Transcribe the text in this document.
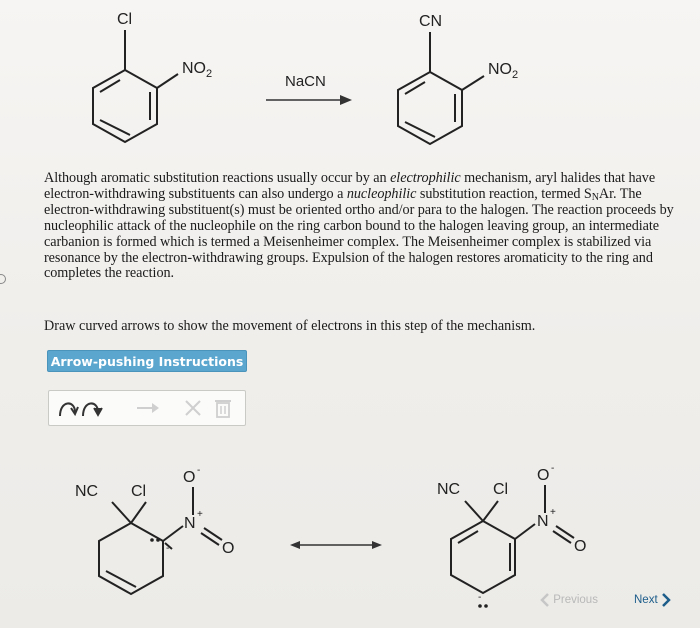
Cl
$NO_2$	NaCN
CN
$NO_2$
Although aromatic substitution reactions usually occur by an electrophilic mechanism, aryl halides that have electron-withdrawing substituents can also undergo a nucleophilic substitution reaction, termed $S_NAr$. The electron-withdrawing substituent(s) must be oriented ortho and/or para to the halogen. The reaction proceeds by nucleophilic attack of the nucleophile on the ring carbon bound to the halogen leaving group, an intermediate carbanion is formed which is termed a Meisenheimer complex. The Meisenheimer complex is stabilized via resonance by the electron-withdrawing groups. Expulsion of the halogen restores aromaticity to the ring and completes the reaction.
Draw curved arrows to show the movement of electrons in this step of the mechanism.
Arrow-pushing Instructions
NC Cl
O -
N
+
O
-
NC Cl
O -
N
+
O
-	Previous	Next
